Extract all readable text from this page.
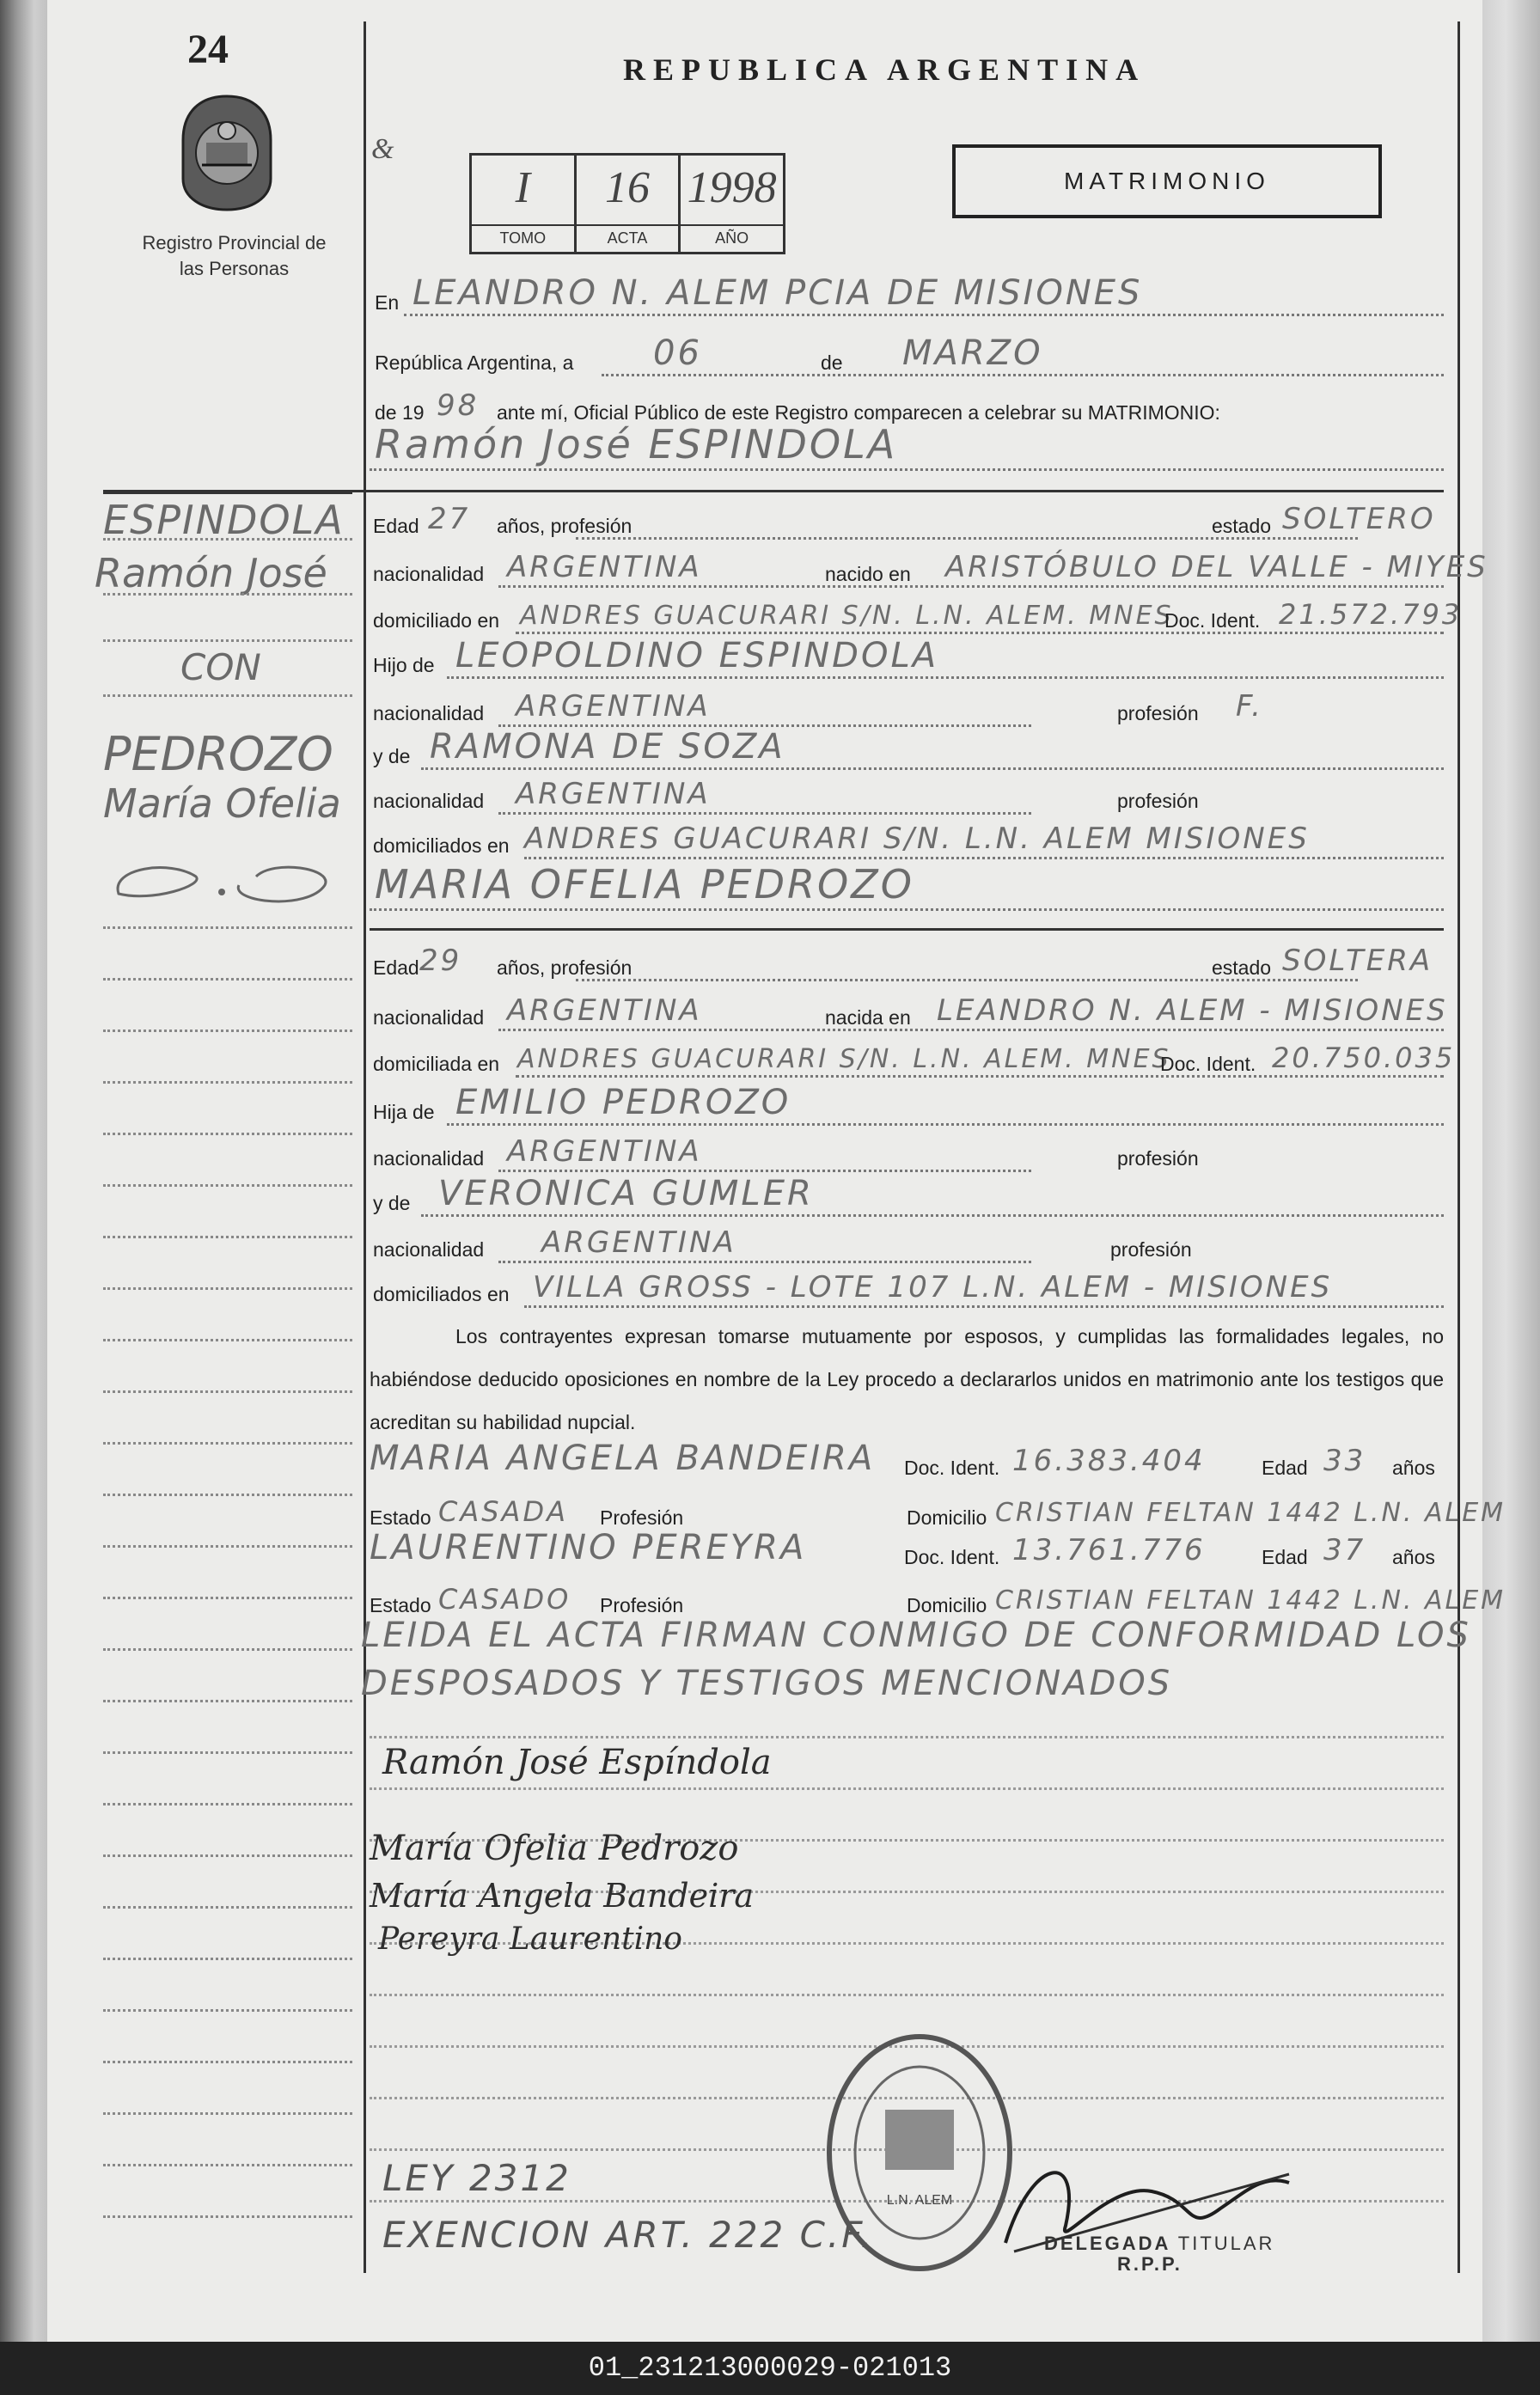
24
Registro Provincial de las Personas
REPUBLICA ARGENTINA
MATRIMONIO
&
I
TOMO
16
ACTA
1998
AÑO
En LEANDRO N. ALEM PCIA DE MISIONES
República Argentina, a 06	de MARZO
de 19 98 ante mí, Oficial Público de este Registro comparecen a celebrar su MATRIMONIO:
Ramón José ESPINDOLA
Edad 27 años, profesión	estado SOLTERO
nacionalidad ARGENTINA	nacido en ARISTÓBULO DEL VALLE - MIYES
domiciliado en ANDRES GUACURARI S/N. L.N. ALEM. MNES
Doc. Ident. 21.572.793
Hijo de LEOPOLDINO ESPINDOLA
nacionalidad ARGENTINA	profesión F.
y de RAMONA DE SOZA
nacionalidad ARGENTINA	profesión
domiciliados en ANDRES GUACURARI S/N. L.N. ALEM MISIONES
MARIA OFELIA PEDROZO
Edad 29 años, profesión	estado SOLTERA
nacionalidad ARGENTINA	nacida en LEANDRO N. ALEM - MISIONES
domiciliada en ANDRES GUACURARI S/N. L.N. ALEM. MNES
Doc. Ident. 20.750.035
Hija de EMILIO PEDROZO
nacionalidad ARGENTINA	profesión
y de VERONICA GUMLER
nacionalidad ARGENTINA	profesión
domiciliados en VILLA GROSS - LOTE 107 L.N. ALEM - MISIONES
Los contrayentes expresan tomarse mutuamente por esposos, y cumplidas las formalidades legales, no habiéndose deducido oposiciones en nombre de la Ley procedo a declararlos unidos en matrimonio ante los testigos que acreditan su habilidad nupcial.
MARIA ANGELA BANDEIRA Doc. Ident. 16.383.404	Edad 33 años
Estado CASADA Profesión	Domicilio CRISTIAN FELTAN 1442 L.N. ALEM
LAURENTINO PEREYRA	Doc. Ident. 13.761.776	Edad 37 años
Estado CASADO Profesión	Domicilio CRISTIAN FELTAN 1442 L.N. ALEM
LEIDA EL ACTA FIRMAN CONMIGO DE CONFORMIDAD LOS
DESPOSADOS Y TESTIGOS MENCIONADOS
Ramón José Espíndola
María Ofelia Pedrozo
María Angela Bandeira
Pereyra Laurentino
ESPINDOLA
Ramón José
CON
PEDROZO
María Ofelia
LEY 2312
EXENCION ART. 222 C.F.
L.N. ALEM
DELEGADA TITULAR
R.P.P.
01_231213000029-021013
